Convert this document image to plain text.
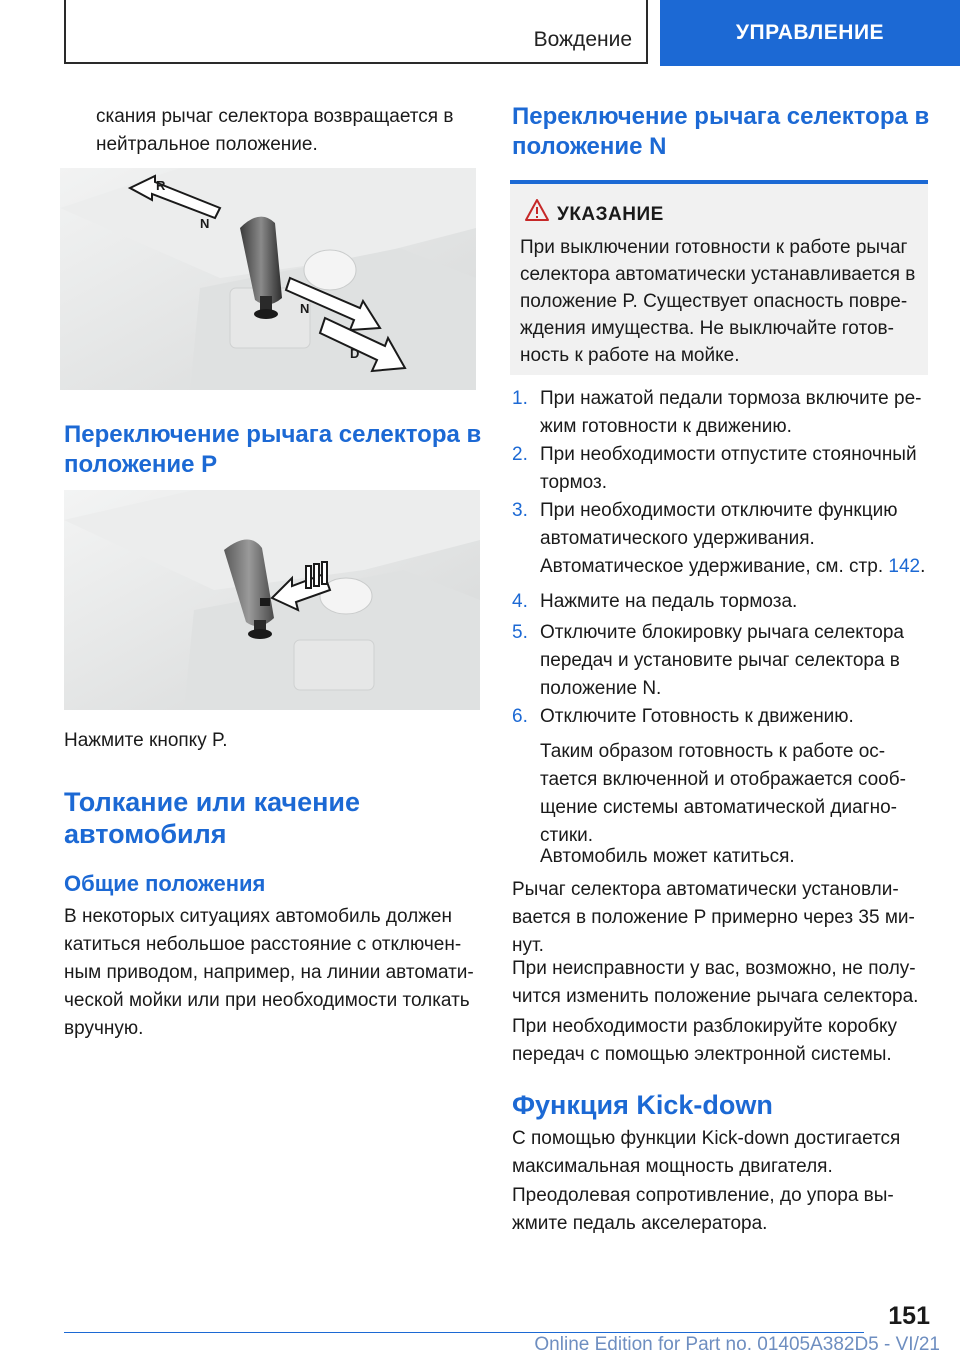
Вождение	УПРАВЛЕНИЕ

скания рычаг селектора возвращается в

нейтральное положение.

R
N
N
D

Переключение рычага селектора в

положение P

Нажмите кнопку P.

Толкание или качение

автомобиля

Общие положения

В некоторых ситуациях автомобиль должен

катиться небольшое расстояние с отключен-

ным приводом, например, на линии автомати-

ческой мойки или при необходимости толкать

вручную.

Переключение рычага селектора в

положение N

УКАЗАНИЕ
При выключении готовности к работе рычаг
селектора автоматически устанавливается в
положение P. Существует опасность повре-
ждения имущества. Не выключайте готов-
ность к работе на мойке.
1. При нажатой педали тормоза включите ре-
жим готовности к движению.
2. При необходимости отпустите стояночный
тормоз.
3. При необходимости отключите функцию
автоматического удерживания.
Автоматическое удерживание, см. стр. 142.
4. Нажмите на педаль тормоза.
5. Отключите блокировку рычага селектора
передач и установите рычаг селектора в
положение N.
6. Отключите Готовность к движению.
Таким образом готовность к работе ос-
тается включенной и отображается сооб-
щение системы автоматической диагно-
стики.
Автомобиль может катиться.
Рычаг селектора автоматически установли-
вается в положение P примерно через 35 ми-
нут.
При неисправности у вас, возможно, не полу-
чится изменить положение рычага селектора.
При необходимости разблокируйте коробку
передач с помощью электронной системы.

Функция Kick-down

С помощью функции Kick-down достигается
максимальная мощность двигателя.
Преодолевая сопротивление, до упора вы-
жмите педаль акселератора.
151
Online Edition for Part no. 01405A382D5 - VI/21
